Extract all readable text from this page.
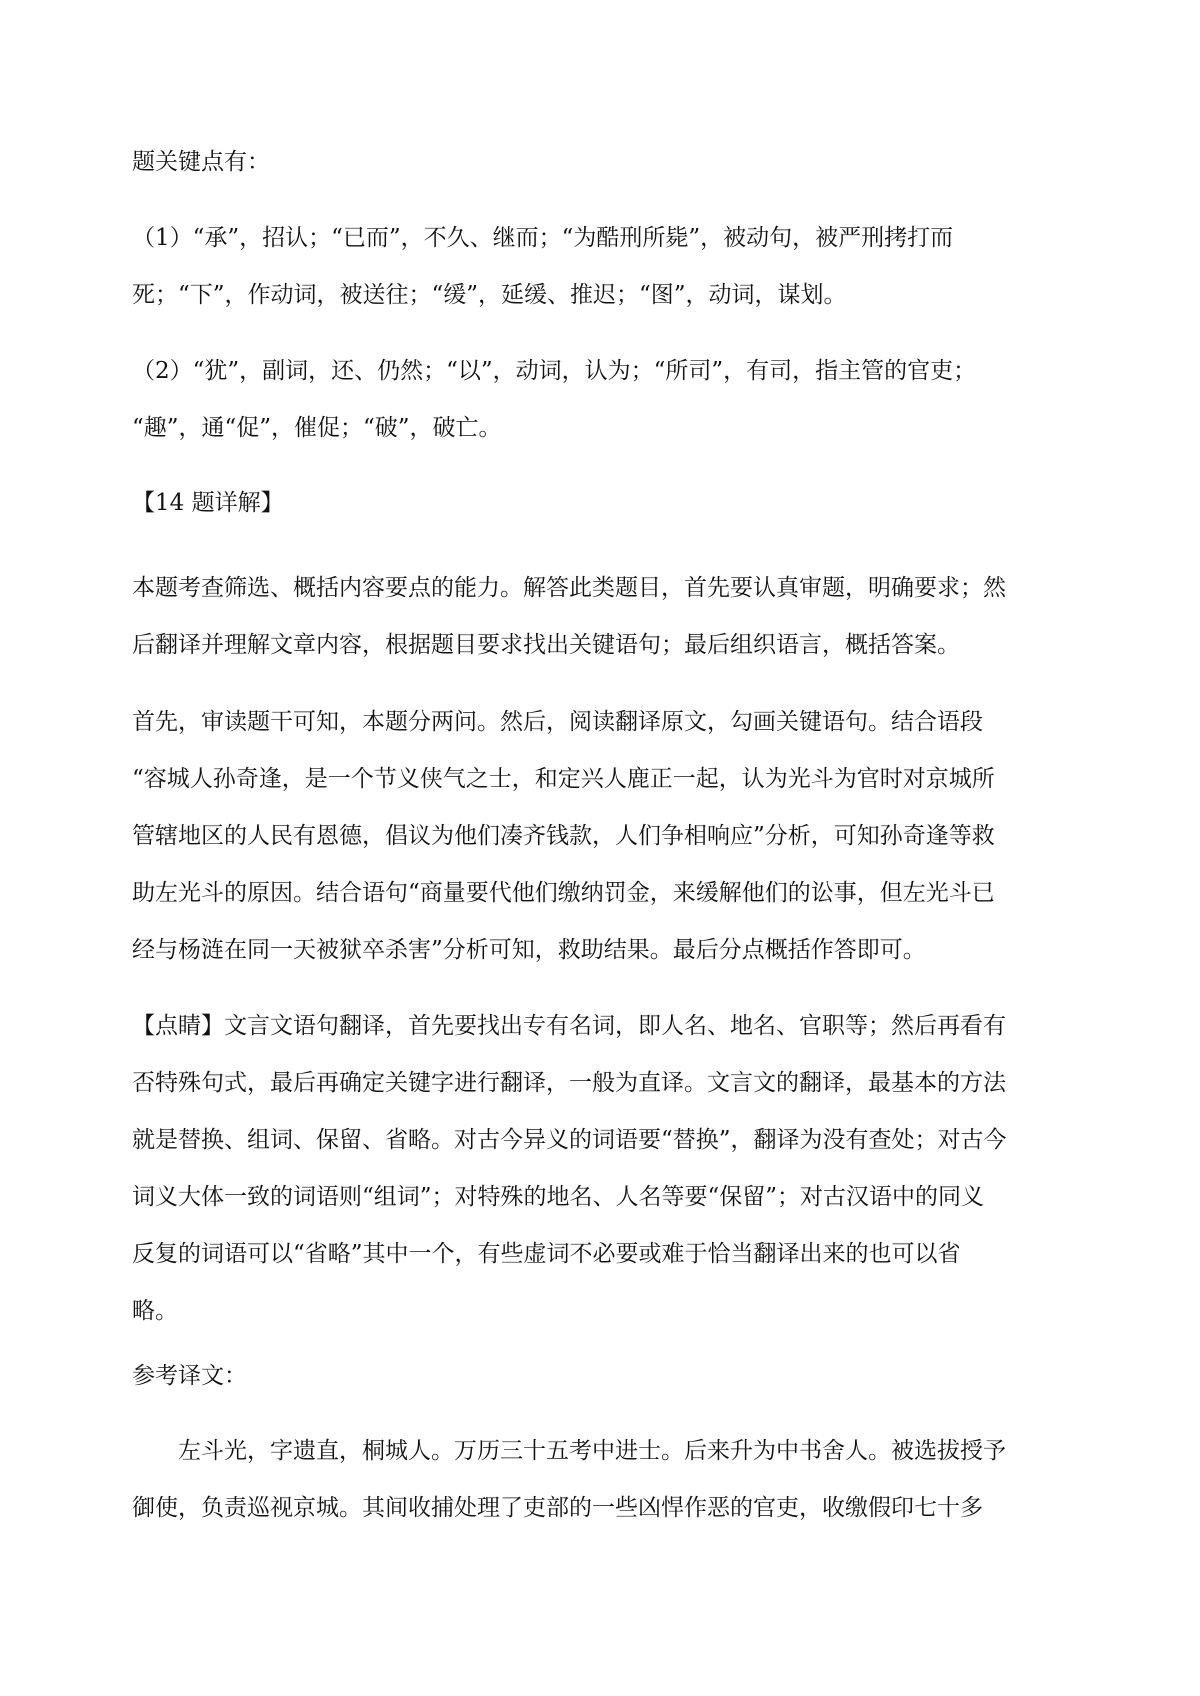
题关键点有：
（1）“承”，招认；“已而”，不久、继而；“为酷刑所毙”，被动句，被严刑拷打而
死；“下”，作动词，被送往；“缓”，延缓、推迟；“图”，动词，谋划。
（2）“犹”，副词，还、仍然；“以”，动词，认为；“所司”，有司，指主管的官吏；
“趣”，通“促”，催促；“破”，破亡。
【14 题详解】
本题考查筛选、概括内容要点的能力。解答此类题目，首先要认真审题，明确要求；然
后翻译并理解文章内容，根据题目要求找出关键语句；最后组织语言，概括答案。
首先，审读题干可知，本题分两问。然后，阅读翻译原文，勾画关键语句。结合语段
“容城人孙奇逢，是一个节义侠气之士，和定兴人鹿正一起，认为光斗为官时对京城所
管辖地区的人民有恩德，倡议为他们凑齐钱款，人们争相响应”分析，可知孙奇逢等救
助左光斗的原因。结合语句“商量要代他们缴纳罚金，来缓解他们的讼事，但左光斗已
经与杨涟在同一天被狱卒杀害”分析可知，救助结果。最后分点概括作答即可。
【点睛】文言文语句翻译，首先要找出专有名词，即人名、地名、官职等；然后再看有
否特殊句式，最后再确定关键字进行翻译，一般为直译。文言文的翻译，最基本的方法
就是替换、组词、保留、省略。对古今异义的词语要“替换”，翻译为没有查处；对古今
词义大体一致的词语则“组词”；对特殊的地名、人名等要“保留”；对古汉语中的同义
反复的词语可以“省略”其中一个，有些虚词不必要或难于恰当翻译出来的也可以省
略。
参考译文：
　　左斗光，字遗直，桐城人。万历三十五考中进士。后来升为中书舍人。被选拔授予
御使，负责巡视京城。其间收捕处理了吏部的一些凶悍作恶的官吏，收缴假印七十多
